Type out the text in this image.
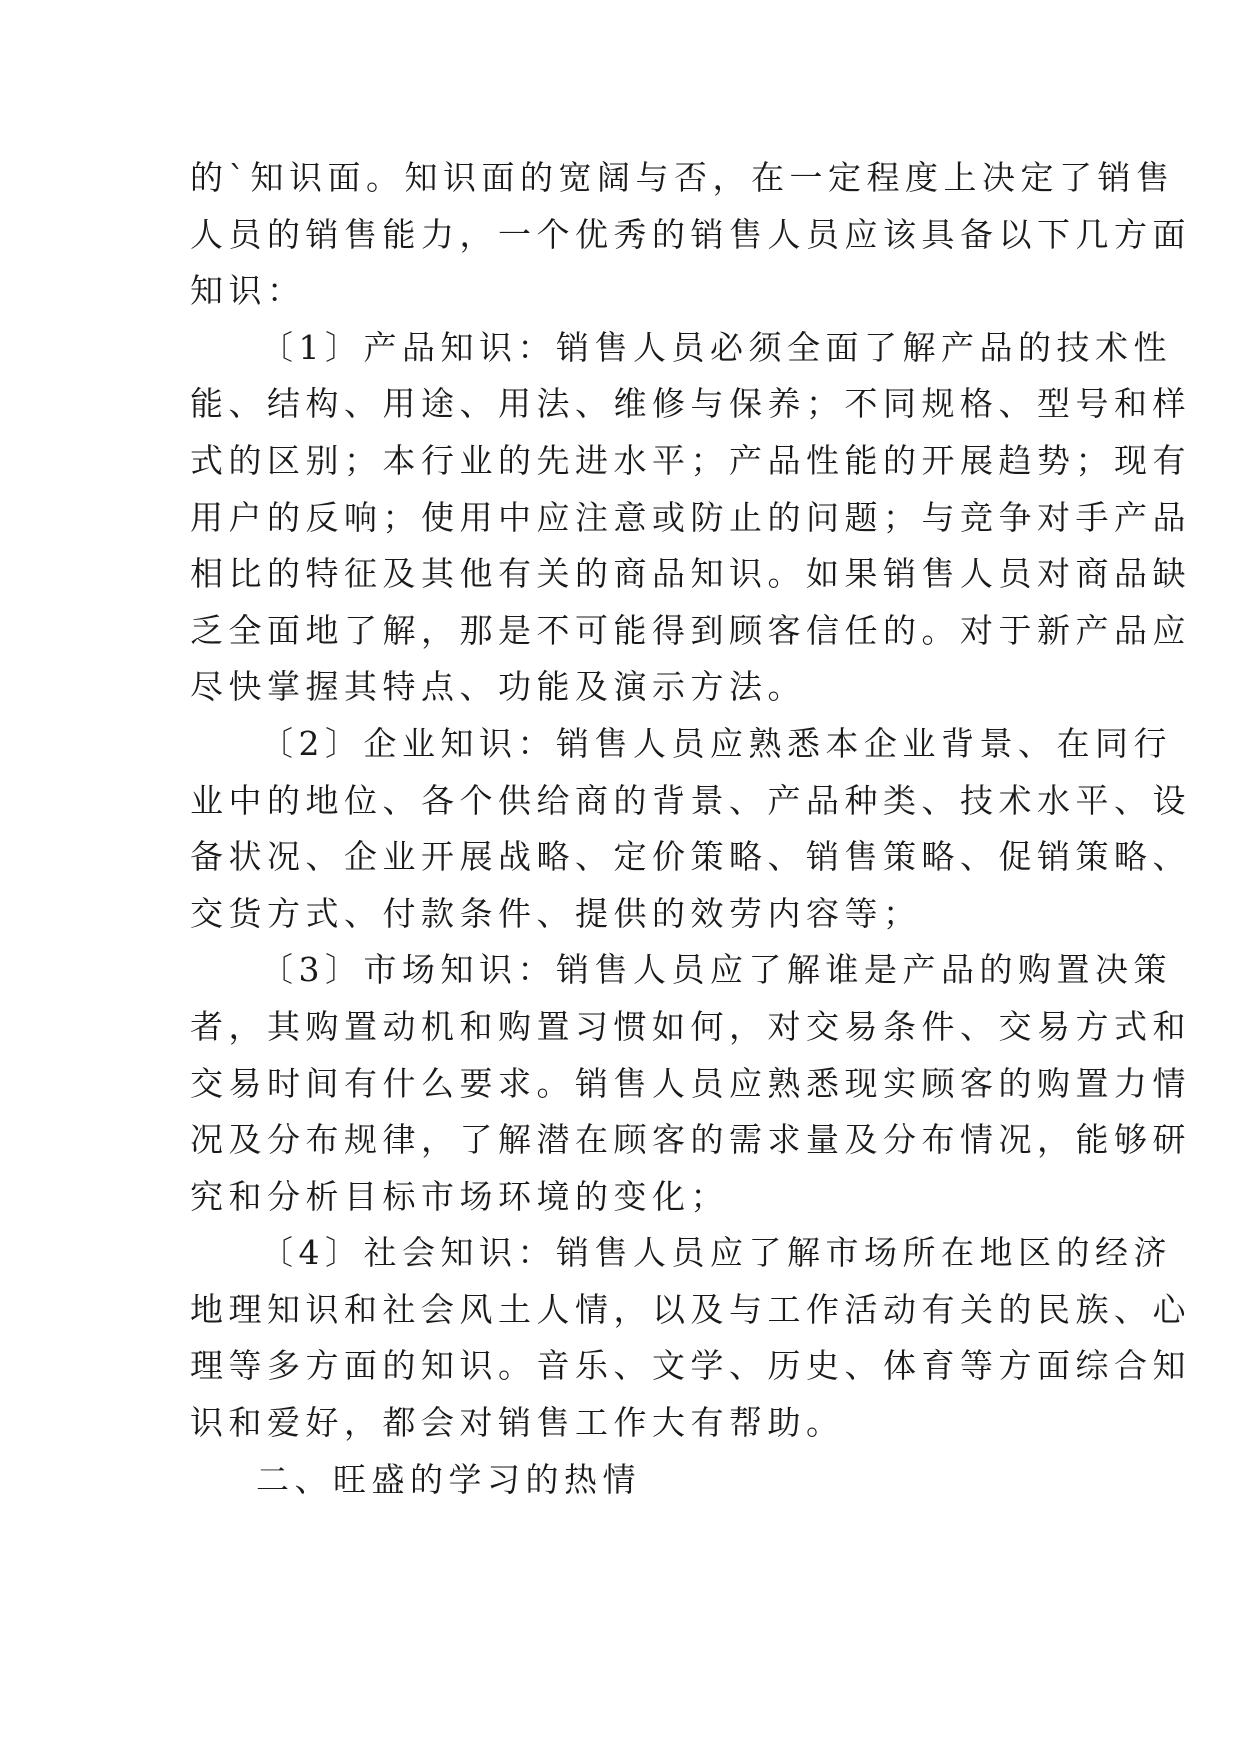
的`知识面。知识面的宽阔与否，在一定程度上决定了销售
人员的销售能力，一个优秀的销售人员应该具备以下几方面
知识：
〔1〕产品知识：销售人员必须全面了解产品的技术性
能、结构、用途、用法、维修与保养；不同规格、型号和样
式的区别；本行业的先进水平；产品性能的开展趋势；现有
用户的反响；使用中应注意或防止的问题；与竞争对手产品
相比的特征及其他有关的商品知识。如果销售人员对商品缺
乏全面地了解，那是不可能得到顾客信任的。对于新产品应
尽快掌握其特点、功能及演示方法。
〔2〕企业知识：销售人员应熟悉本企业背景、在同行
业中的地位、各个供给商的背景、产品种类、技术水平、设
备状况、企业开展战略、定价策略、销售策略、促销策略、
交货方式、付款条件、提供的效劳内容等；
〔3〕市场知识：销售人员应了解谁是产品的购置决策
者，其购置动机和购置习惯如何，对交易条件、交易方式和
交易时间有什么要求。销售人员应熟悉现实顾客的购置力情
况及分布规律，了解潜在顾客的需求量及分布情况，能够研
究和分析目标市场环境的变化；
〔4〕社会知识：销售人员应了解市场所在地区的经济
地理知识和社会风土人情，以及与工作活动有关的民族、心
理等多方面的知识。音乐、文学、历史、体育等方面综合知
识和爱好，都会对销售工作大有帮助。
二、旺盛的学习的热情
